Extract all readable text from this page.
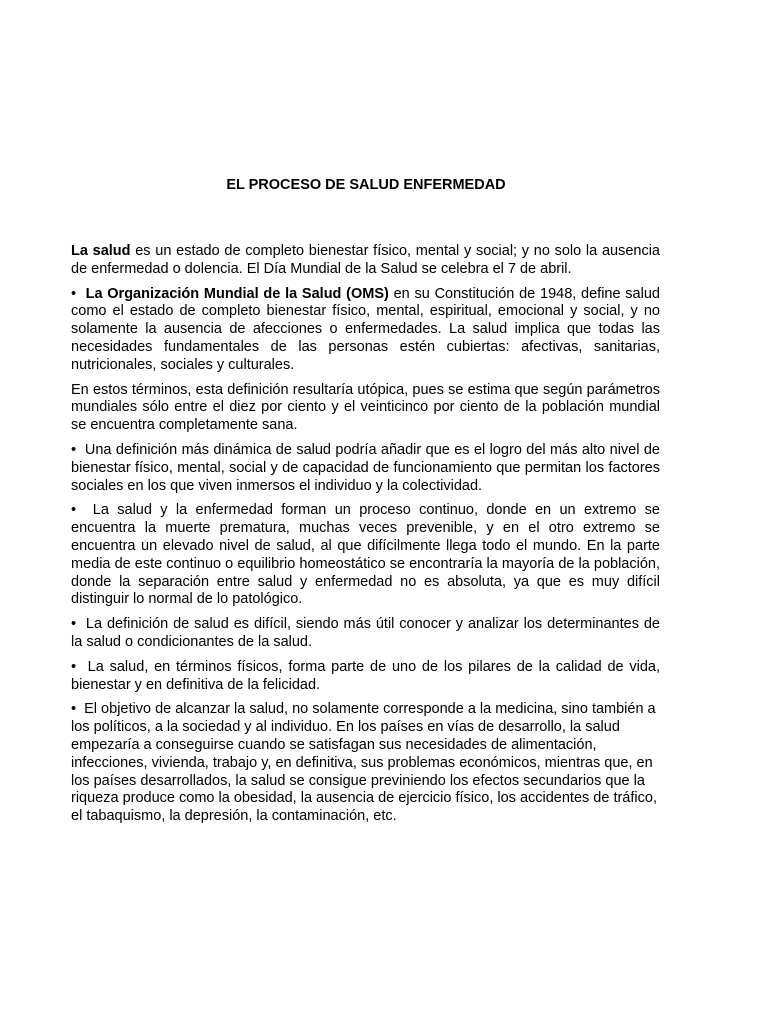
EL PROCESO DE SALUD ENFERMEDAD

La salud es un estado de completo bienestar físico, mental y social; y no solo la ausencia de enfermedad o dolencia. El Día Mundial de la Salud se celebra el 7 de abril.

• La Organización Mundial de la Salud (OMS) en su Constitución de 1948, define salud como el estado de completo bienestar físico, mental, espiritual, emocional y social, y no solamente la ausencia de afecciones o enfermedades. La salud implica que todas las necesidades fundamentales de las personas estén cubiertas: afectivas, sanitarias, nutricionales, sociales y culturales.

En estos términos, esta definición resultaría utópica, pues se estima que según parámetros mundiales sólo entre el diez por ciento y el veinticinco por ciento de la población mundial se encuentra completamente sana.

• Una definición más dinámica de salud podría añadir que es el logro del más alto nivel de bienestar físico, mental, social y de capacidad de funcionamiento que permitan los factores sociales en los que viven inmersos el individuo y la colectividad.

• La salud y la enfermedad forman un proceso continuo, donde en un extremo se encuentra la muerte prematura, muchas veces prevenible, y en el otro extremo se encuentra un elevado nivel de salud, al que difícilmente llega todo el mundo. En la parte media de este continuo o equilibrio homeostático se encontraría la mayoría de la población, donde la separación entre salud y enfermedad no es absoluta, ya que es muy difícil distinguir lo normal de lo patológico.

• La definición de salud es difícil, siendo más útil conocer y analizar los determinantes de la salud o condicionantes de la salud.

• La salud, en términos físicos, forma parte de uno de los pilares de la calidad de vida, bienestar y en definitiva de la felicidad.

• El objetivo de alcanzar la salud, no solamente corresponde a la medicina, sino también a los políticos, a la sociedad y al individuo. En los países en vías de desarrollo, la salud empezaría a conseguirse cuando se satisfagan sus necesidades de alimentación, infecciones, vivienda, trabajo y, en definitiva, sus problemas económicos, mientras que, en los países desarrollados, la salud se consigue previniendo los efectos secundarios que la riqueza produce como la obesidad, la ausencia de ejercicio físico, los accidentes de tráfico, el tabaquismo, la depresión, la contaminación, etc.
